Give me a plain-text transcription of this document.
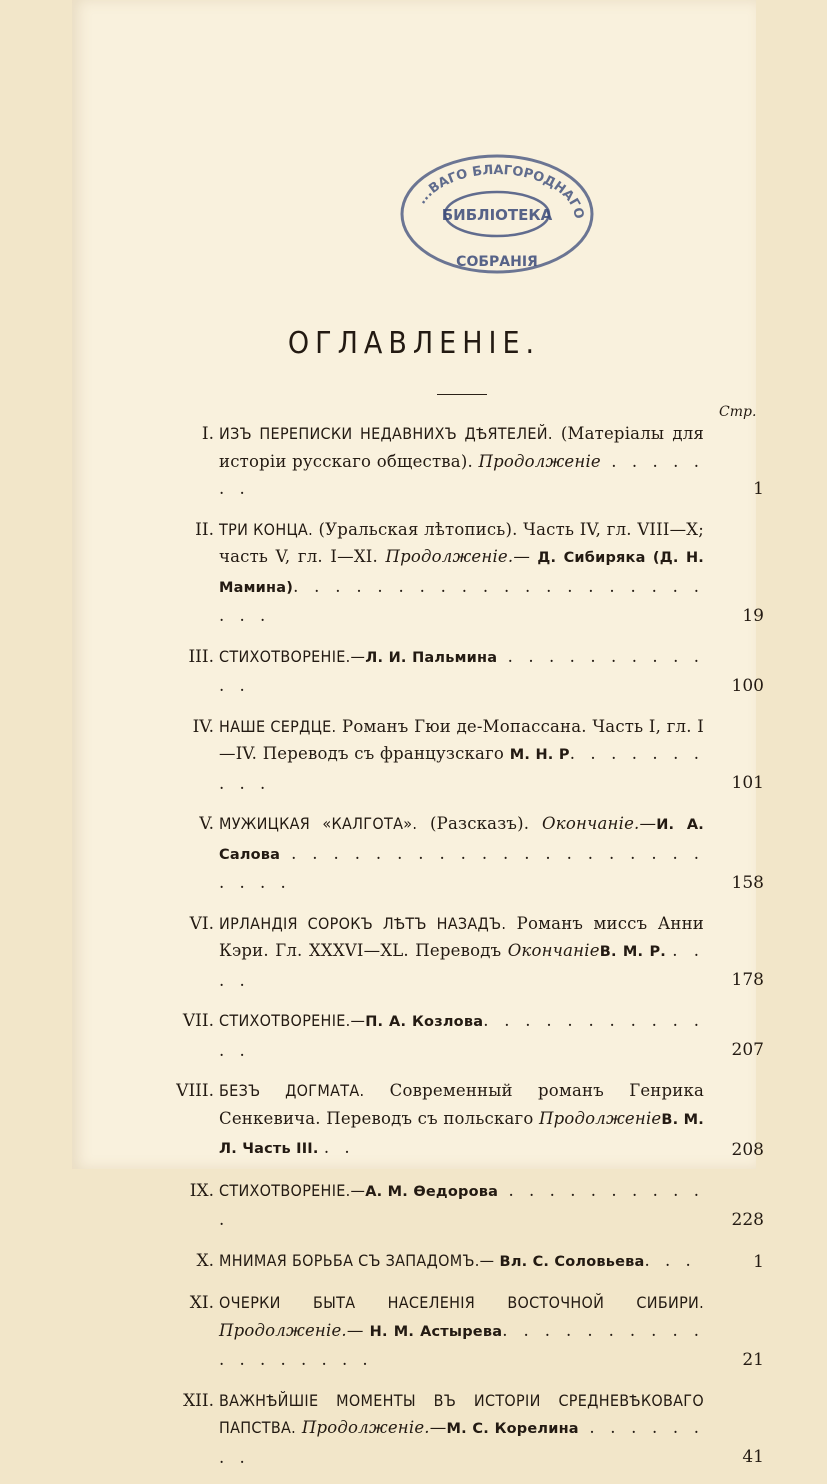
...ВАГО БЛАГОРОДНАГО
БИБЛІОТЕКА
СОБРАНІЯ
ОГЛАВЛЕНІЕ.
Стр.
I. ИЗЪ ПЕРЕПИСКИ НЕДАВНИХЪ ДѢЯТЕЛЕЙ. (Матеріалы для исторіи русскаго общества). Продолженіе . . . . . . .	1
II. ТРИ КОНЦА. (Уральская лѣтопись). Часть IV, гл. VIII—X; часть V, гл. I—XI. Продолженіе.— Д. Сибиряка (Д. Н. Мамина). . . . . . . . . . . . . . . . . . . . . . .	19
III. СТИХОТВОРЕНІЕ.—Л. И. Пальмина . . . . . . . . . . . .	100
IV. НАШЕ СЕРДЦЕ. Романъ Гюи де-Мопассана. Часть I, гл. I—IV. Переводъ съ французскаго М. Н. Р. . . . . . . . . .	101
V. МУЖИЦКАЯ «КАЛГОТА». (Разсказъ). Окончаніе.—И. А. Салова . . . . . . . . . . . . . . . . . . . . . . . .	158
VI. ИРЛАНДІЯ СОРОКЪ ЛѢТЪ НАЗАДЪ. Романъ миссъ Анни Кэри. Гл. XXXVI—XL. Переводъ ОкончаніеВ. М. Р. . . . .	178
VII. СТИХОТВОРЕНІЕ.—П. А. Козлова. . . . . . . . . . . . .	207
VIII. БЕЗЪ ДОГМАТА. Современный романъ Генрика Сенкевича. Переводъ съ польскаго ПродолженіеВ. М. Л. Часть III. . .	208
IX. СТИХОТВОРЕНІЕ.—А. М. Ѳедорова . . . . . . . . . . .	228
X. МНИМАЯ БОРЬБА СЪ ЗАПАДОМЪ.— Вл. С. Соловьева. . .	1
XI. ОЧЕРКИ БЫТА НАСЕЛЕНІЯ ВОСТОЧНОЙ СИБИРИ. Продолженіе.— Н. М. Астырева. . . . . . . . . . . . . . . . . .	21
XII. ВАЖНѢЙШІЕ МОМЕНТЫ ВЪ ИСТОРІИ СРЕДНЕВѢКОВАГО ПАПСТВА. Продолженіе.—М. С. Корелина . . . . . . . .	41
